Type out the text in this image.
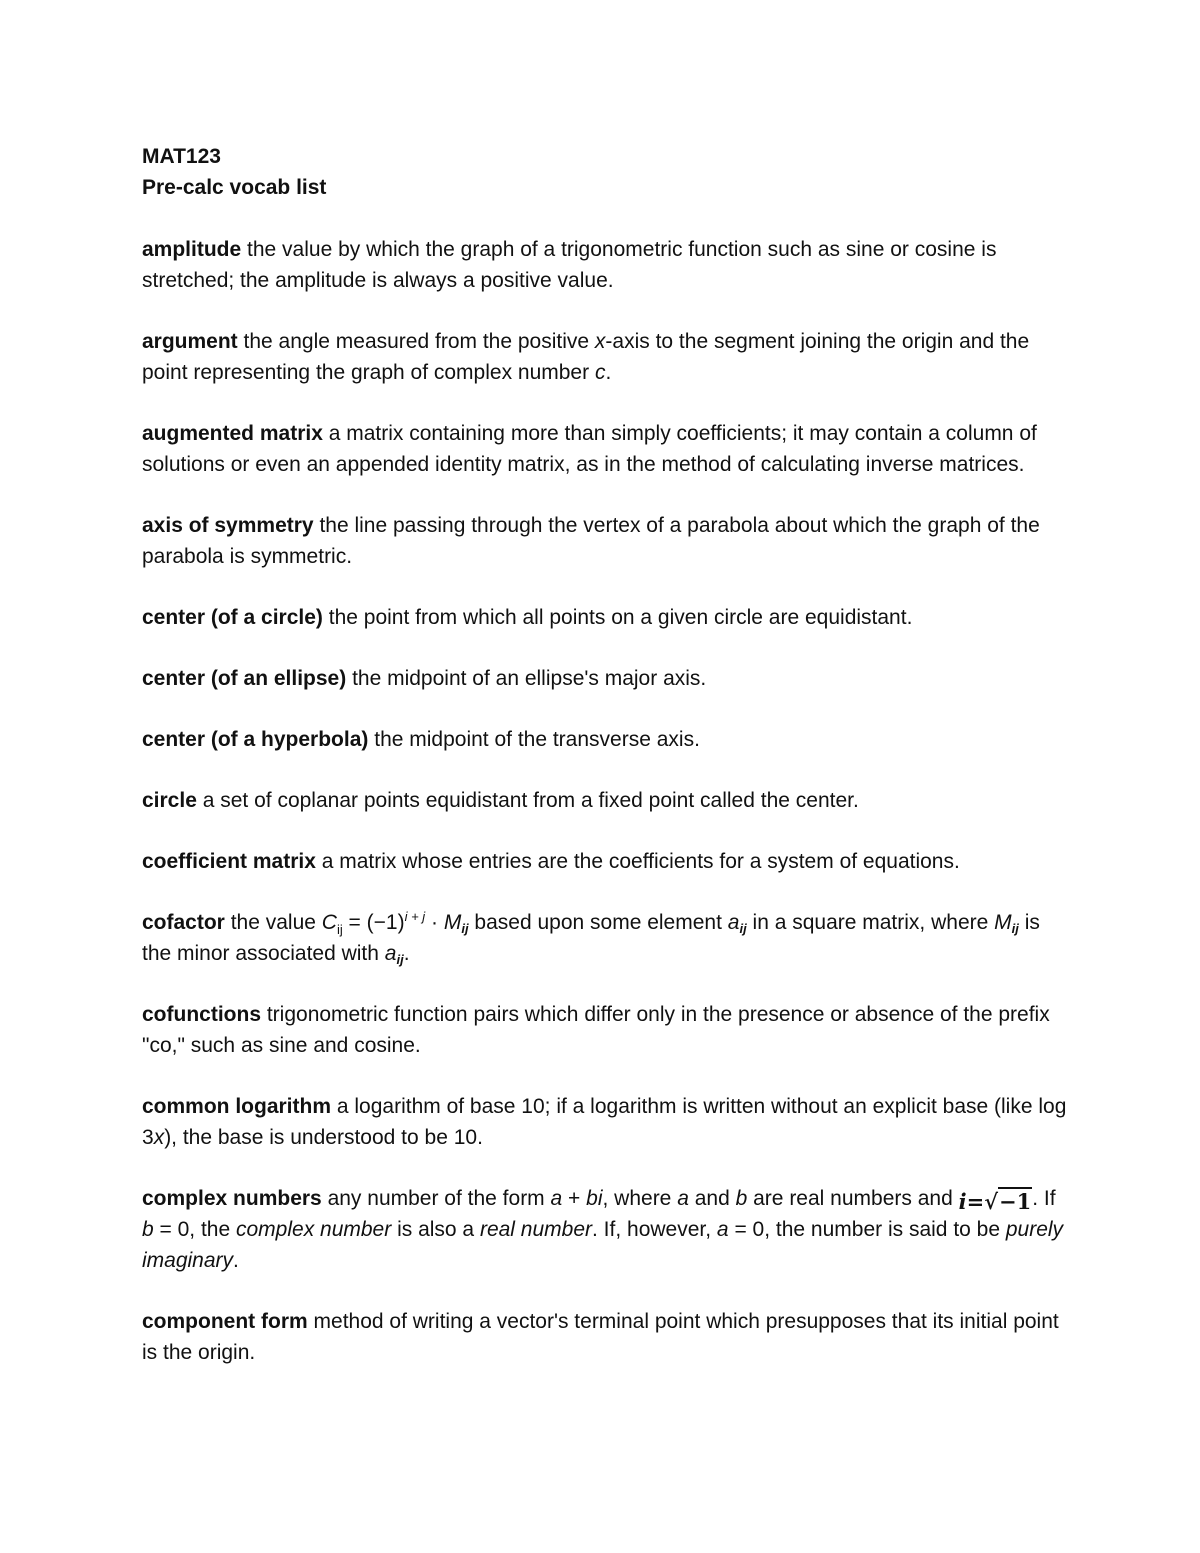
MAT123
Pre-calc vocab list

amplitude the value by which the graph of a trigonometric function such as sine or cosine is stretched; the amplitude is always a positive value.

argument the angle measured from the positive x-axis to the segment joining the origin and the point representing the graph of complex number c.

augmented matrix a matrix containing more than simply coefficients; it may contain a column of solutions or even an appended identity matrix, as in the method of calculating inverse matrices.

axis of symmetry the line passing through the vertex of a parabola about which the graph of the parabola is symmetric.

center (of a circle) the point from which all points on a given circle are equidistant.

center (of an ellipse) the midpoint of an ellipse's major axis.

center (of a hyperbola) the midpoint of the transverse axis.

circle a set of coplanar points equidistant from a fixed point called the center.

coefficient matrix a matrix whose entries are the coefficients for a system of equations.

cofactor the value $C_{ij} = (-1)^{i + j}$ · Mij based upon some element aij in a square matrix, where Mij is the minor associated with aij.

cofunctions trigonometric function pairs which differ only in the presence or absence of the prefix "co," such as sine and cosine.

common logarithm a logarithm of base 10; if a logarithm is written without an explicit base (like log 3x), the base is understood to be 10.

complex numbers any number of the form a + bi, where a and b are real numbers and i=√−1. If b = 0, the complex number is also a real number. If, however, a = 0, the number is said to be purely imaginary.

component form method of writing a vector's terminal point which presupposes that its initial point is the origin.
